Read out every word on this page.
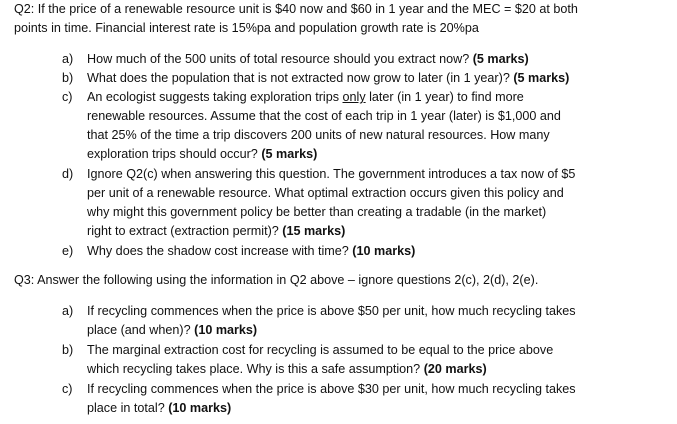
Q2: If the price of a renewable resource unit is $40 now and $60 in 1 year and the MEC = $20 at both
points in time. Financial interest rate is 15%pa and population growth rate is 20%pa
a) How much of the 500 units of total resource should you extract now? (5 marks)
b) What does the population that is not extracted now grow to later (in 1 year)? (5 marks)
c) An ecologist suggests taking exploration trips only later (in 1 year) to find more
renewable resources. Assume that the cost of each trip in 1 year (later) is $1,000 and
that 25% of the time a trip discovers 200 units of new natural resources. How many
exploration trips should occur? (5 marks)
d) Ignore Q2(c) when answering this question. The government introduces a tax now of $5
per unit of a renewable resource. What optimal extraction occurs given this policy and
why might this government policy be better than creating a tradable (in the market)
right to extract (extraction permit)? (15 marks)
e) Why does the shadow cost increase with time? (10 marks)
Q3: Answer the following using the information in Q2 above – ignore questions 2(c), 2(d), 2(e).
a) If recycling commences when the price is above $50 per unit, how much recycling takes
place (and when)? (10 marks)
b) The marginal extraction cost for recycling is assumed to be equal to the price above
which recycling takes place. Why is this a safe assumption? (20 marks)
c) If recycling commences when the price is above $30 per unit, how much recycling takes
place in total? (10 marks)
